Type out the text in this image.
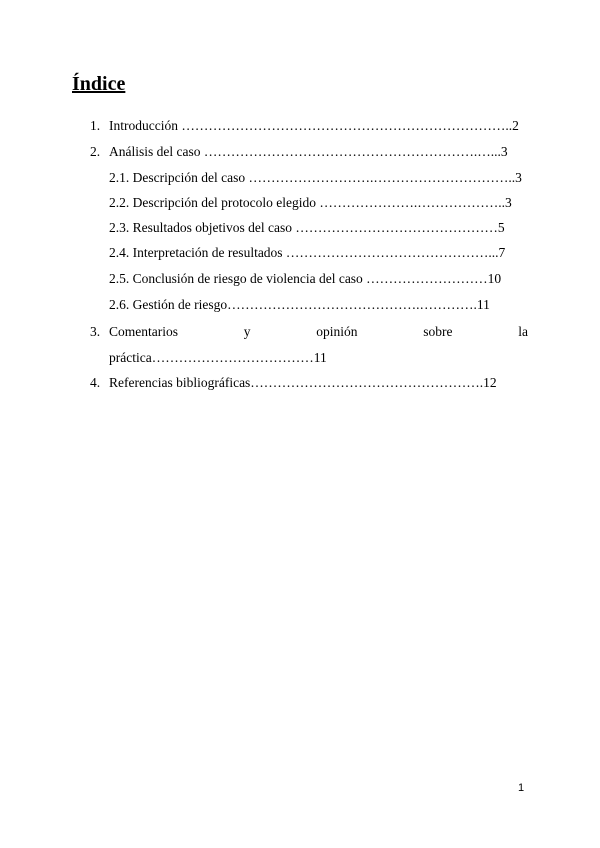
Índice
1. Introducción ………………………………………………………………..2
2. Análisis del caso …………………………………………………….…...3
2.1. Descripción del caso ……………………….…………………………..3
2.2. Descripción del protocolo elegido ………………….………………..3
2.3. Resultados objetivos del caso ………………………………………5
2.4. Interpretación de resultados ………………………………………...7
2.5. Conclusión de riesgo de violencia del caso ………………………10
2.6. Gestión de riesgo…………………………………….………….11
3. Comentarios	y	opinión	sobre	la
práctica………………………………11
4. Referencias bibliográficas…………………………………………….12
1
